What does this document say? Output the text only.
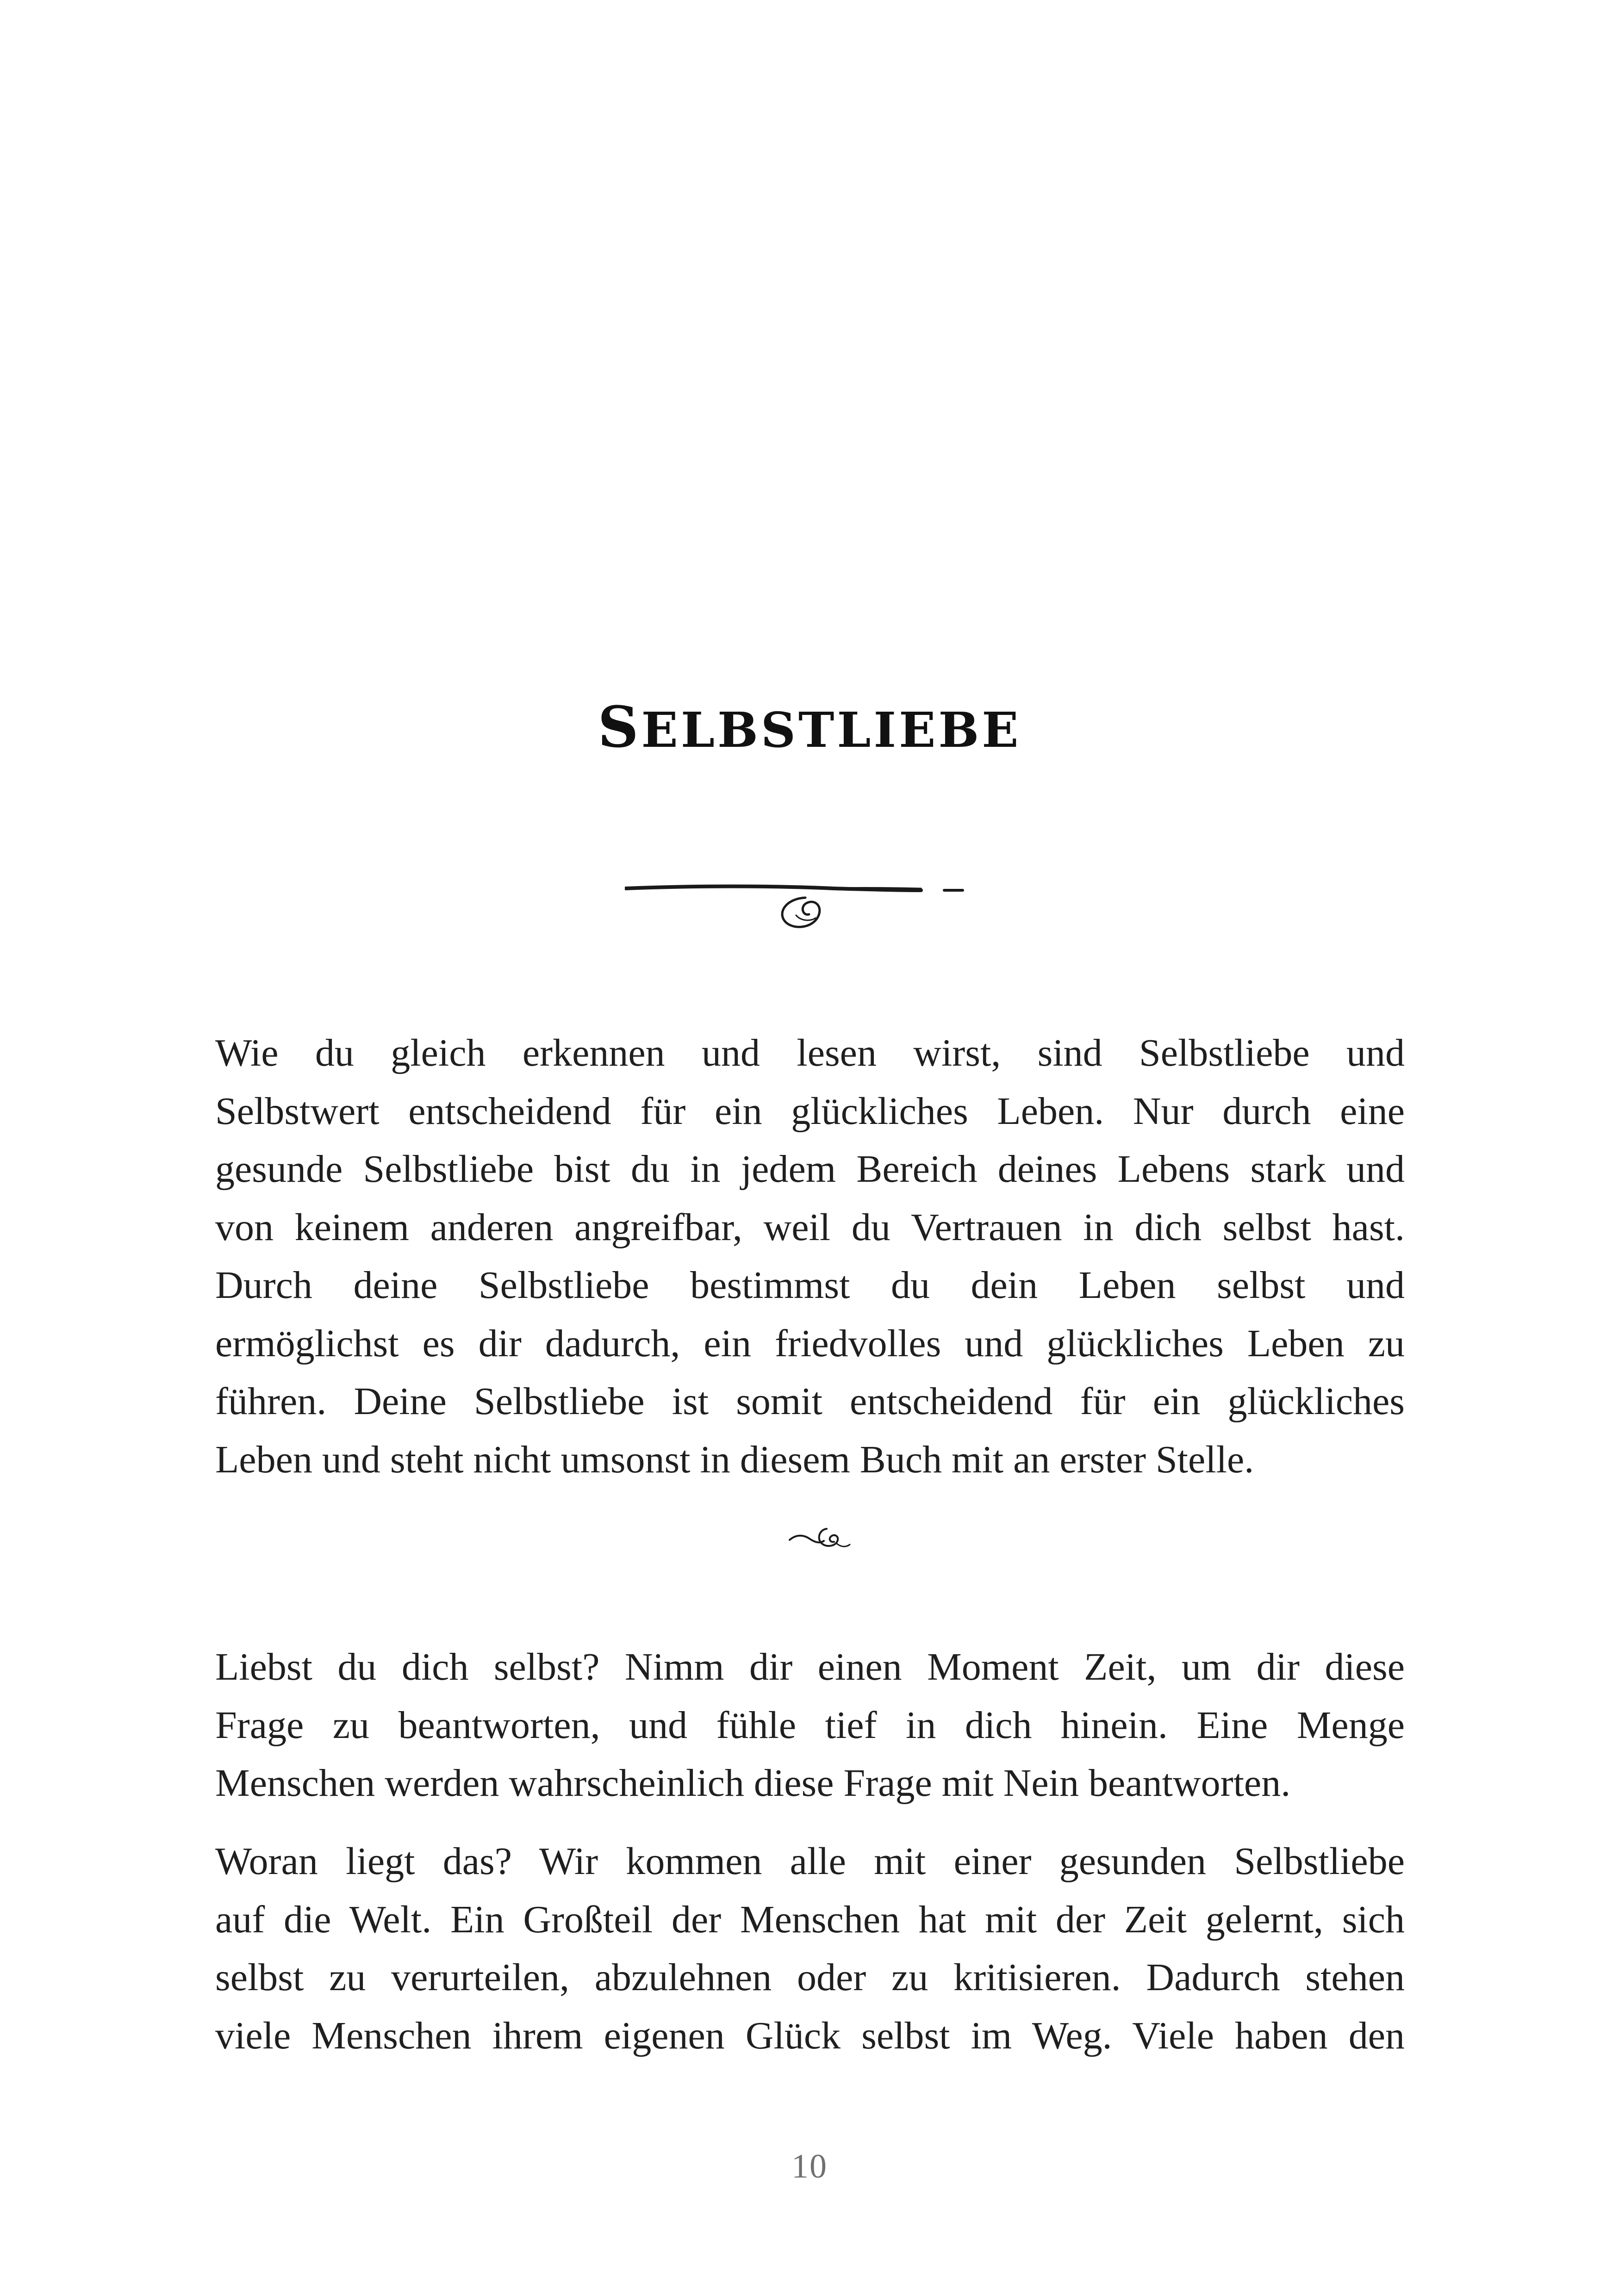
SELBSTLIEBE
Wie du gleich erkennen und lesen wirst, sind Selbstliebe und
Selbstwert entscheidend für ein glückliches Leben. Nur durch eine
gesunde Selbstliebe bist du in jedem Bereich deines Lebens stark und
von keinem anderen angreifbar, weil du Vertrauen in dich selbst hast.
Durch deine Selbstliebe bestimmst du dein Leben selbst und
ermöglichst es dir dadurch, ein friedvolles und glückliches Leben zu
führen. Deine Selbstliebe ist somit entscheidend für ein glückliches
Leben und steht nicht umsonst in diesem Buch mit an erster Stelle.
Liebst du dich selbst? Nimm dir einen Moment Zeit, um dir diese
Frage zu beantworten, und fühle tief in dich hinein. Eine Menge
Menschen werden wahrscheinlich diese Frage mit Nein beantworten.
Woran liegt das? Wir kommen alle mit einer gesunden Selbstliebe
auf die Welt. Ein Großteil der Menschen hat mit der Zeit gelernt, sich
selbst zu verurteilen, abzulehnen oder zu kritisieren. Dadurch stehen
viele Menschen ihrem eigenen Glück selbst im Weg. Viele haben den
10
